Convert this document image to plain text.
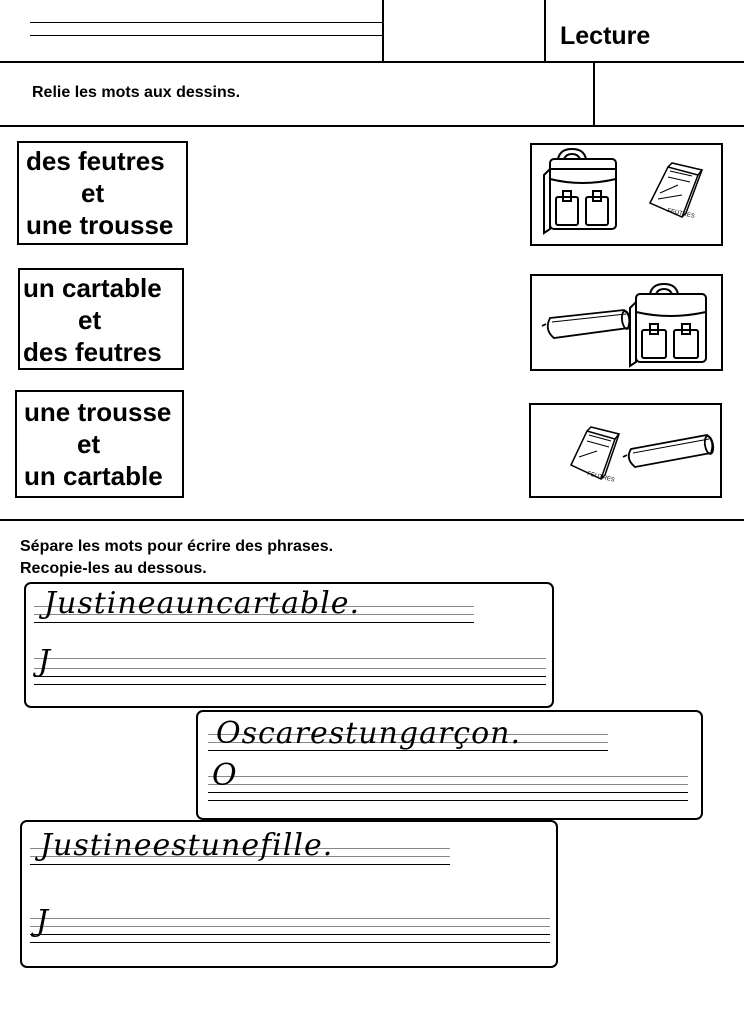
Lecture
Relie les mots aux dessins.
des feutres
et
une trousse
un cartable
et
des feutres
une trousse
et
un cartable
FEUTRES
FEUTRES
Sépare les mots pour écrire des phrases.
Recopie-les au dessous.
Justineauncartable.
J
Oscarestungarçon.
O
Justineestunefille.
J
